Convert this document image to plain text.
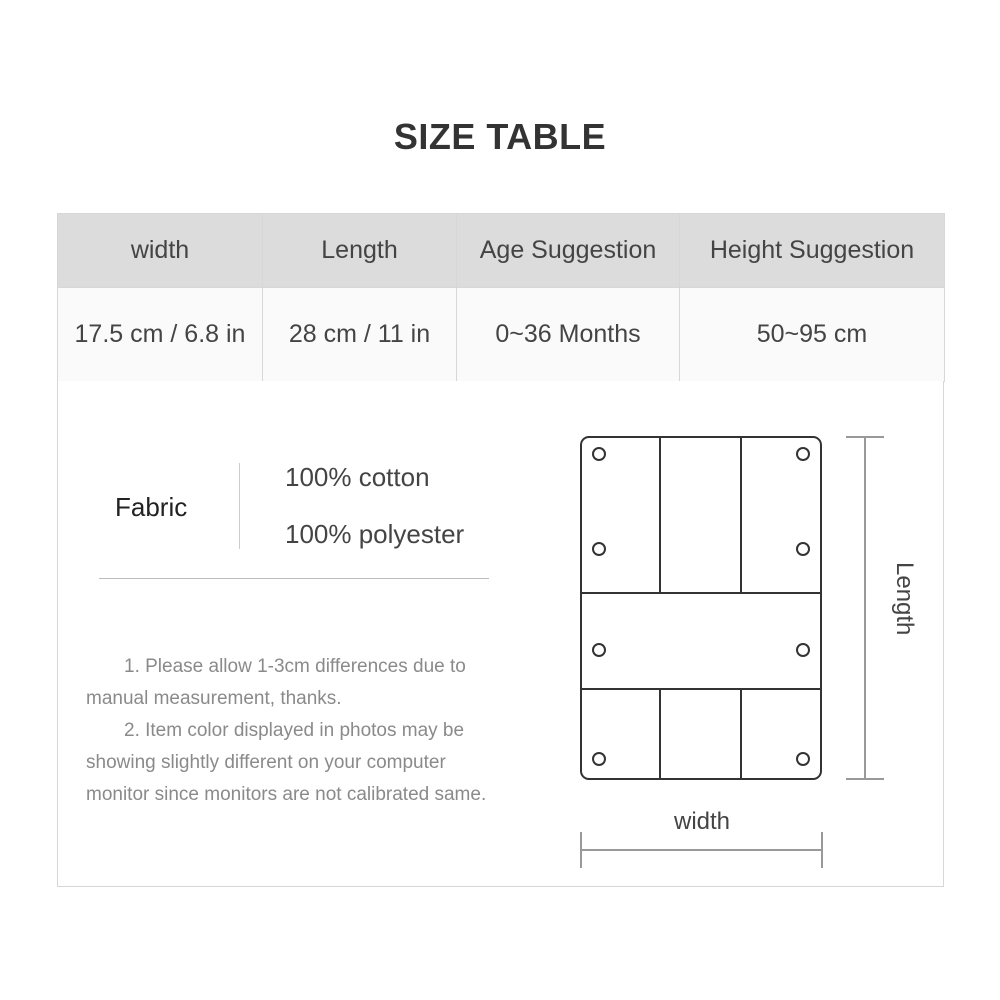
SIZE TABLE
width	Length	Age Suggestion	Height Suggestion
17.5 cm / 6.8 in	28 cm / 11 in	0~36 Months	50~95 cm
Fabric
100% cotton
100% polyester

1. Please allow 1-3cm differences due to manual measurement, thanks.

2. Item color displayed in photos may be showing slightly different on your computer monitor since monitors are not calibrated same.

Length
width
